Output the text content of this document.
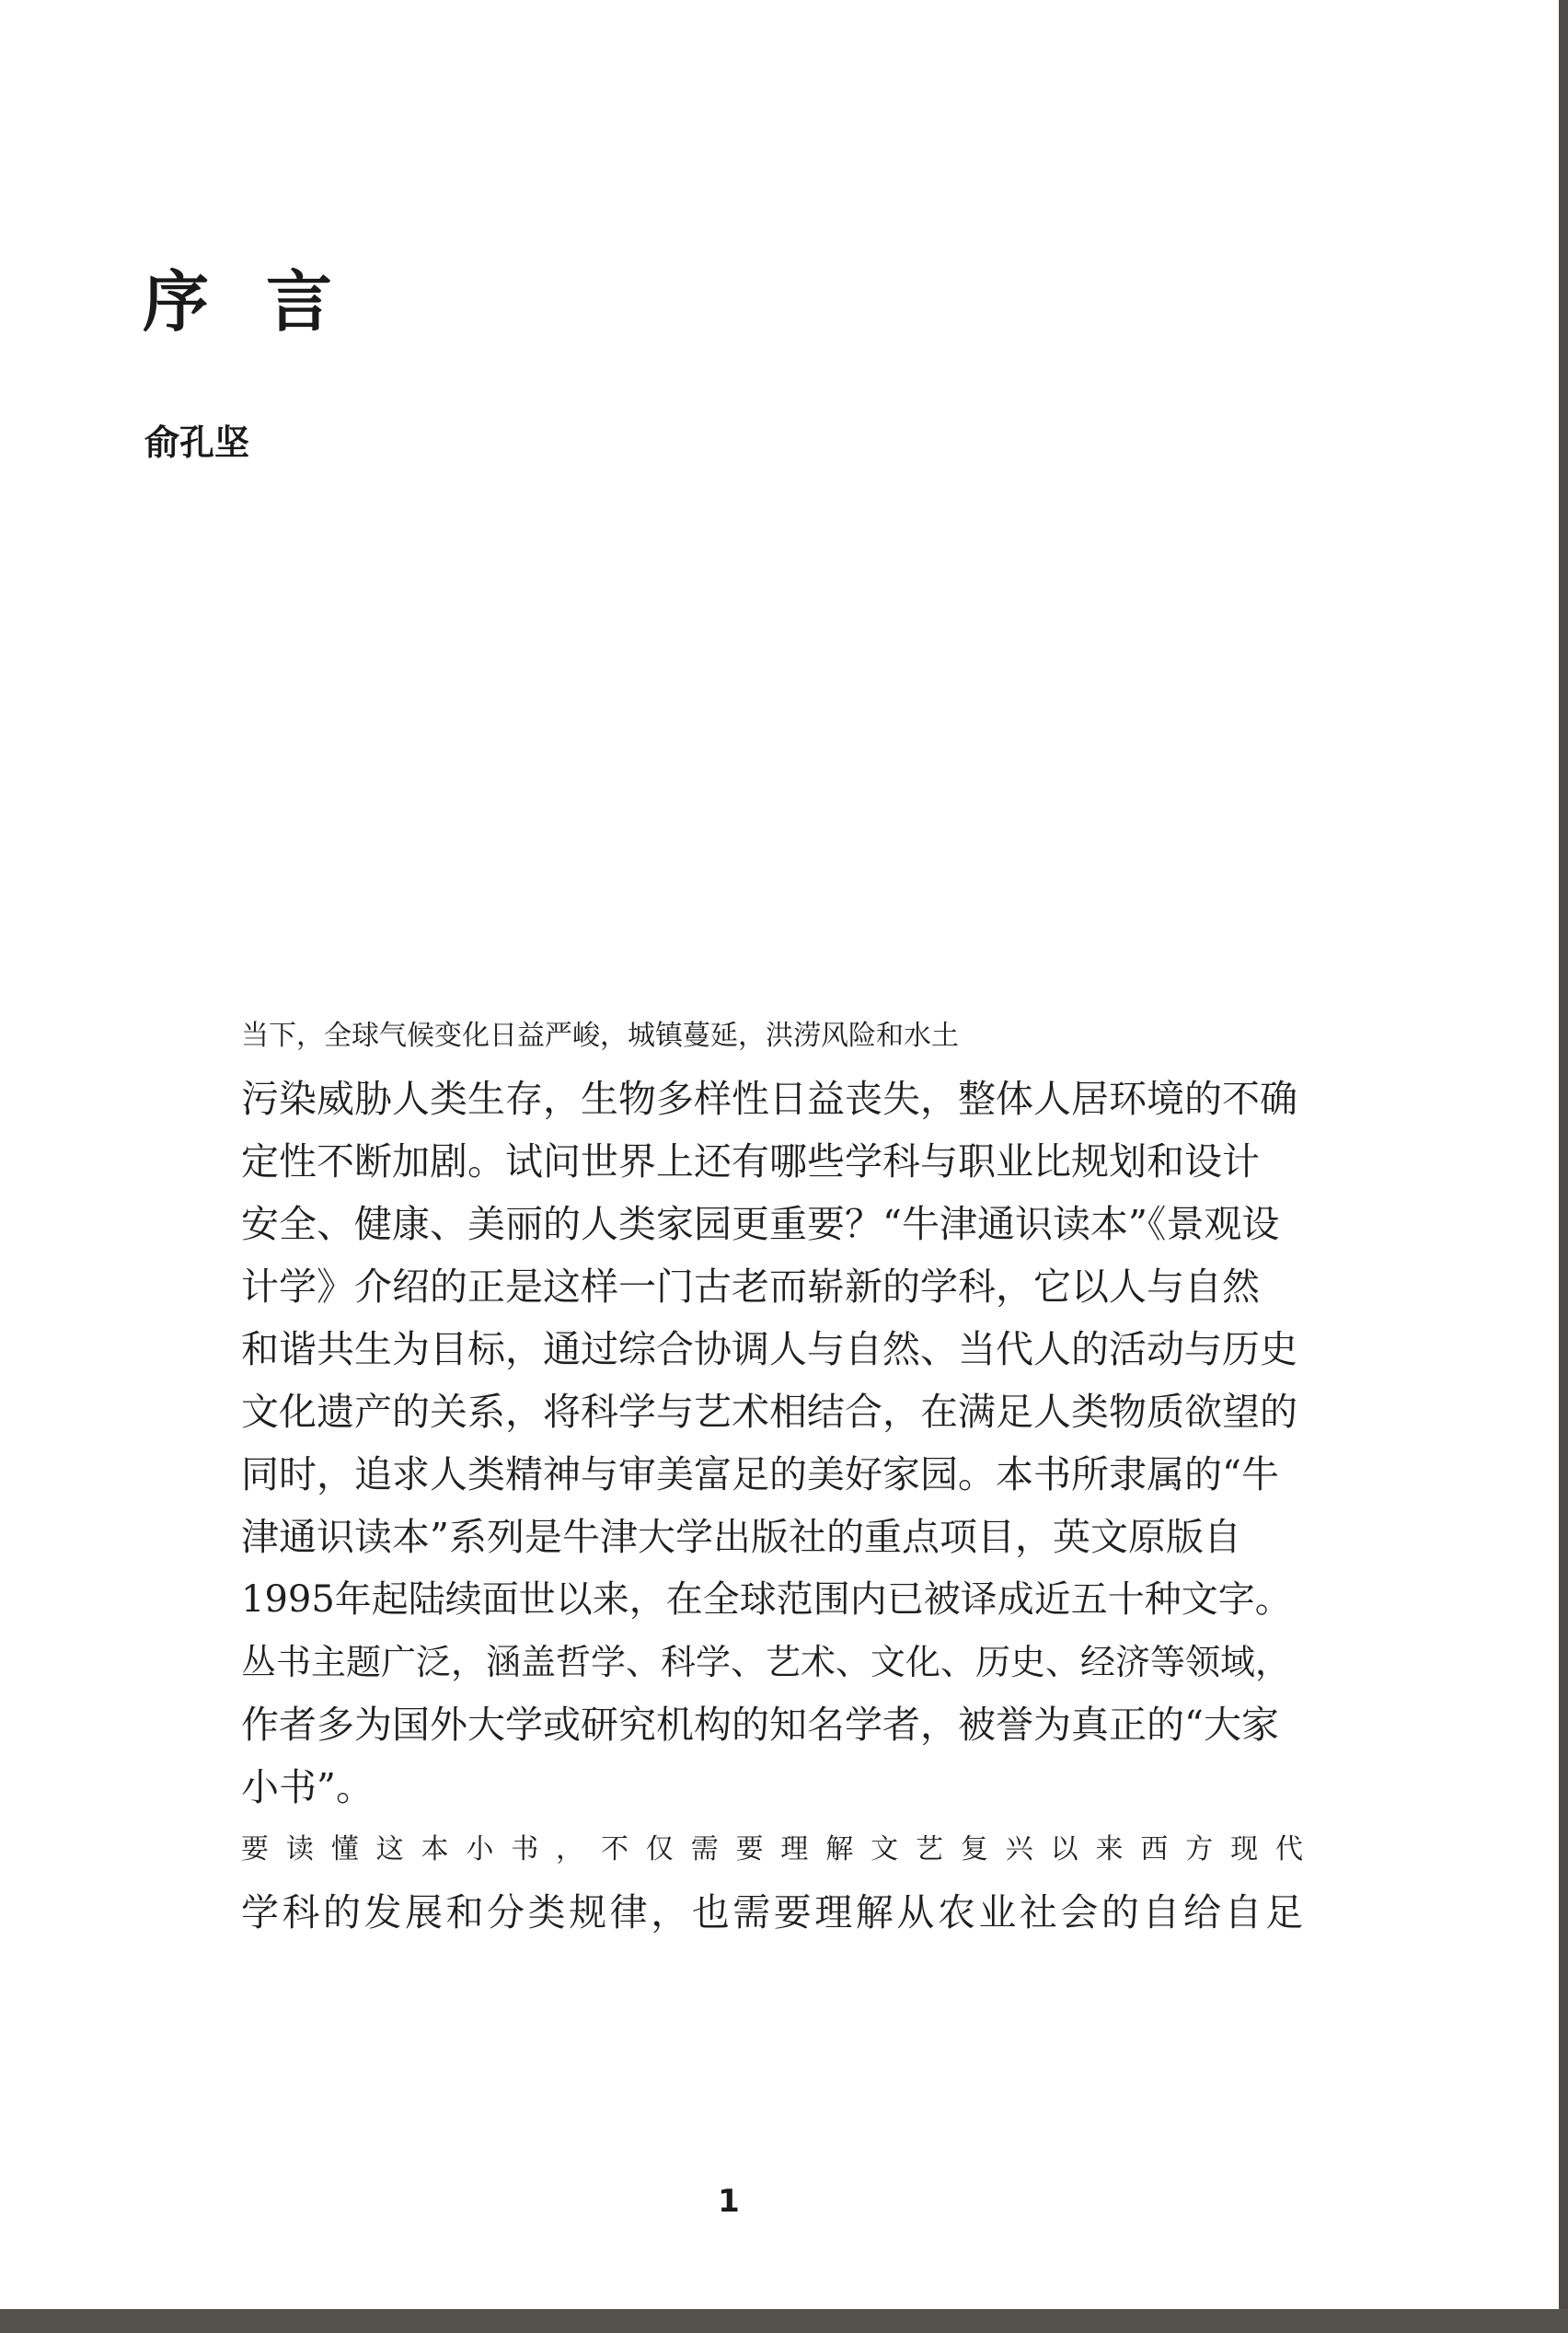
序言
俞孔坚

当下，全球气候变化日益严峻，城镇蔓延，洪涝风险和水土
污染威胁人类生存，生物多样性日益丧失，整体人居环境的不确
定性不断加剧。试问世界上还有哪些学科与职业比规划和设计
安全、健康、美丽的人类家园更重要？“牛津通识读本”《景观设
计学》介绍的正是这样一门古老而崭新的学科，它以人与自然
和谐共生为目标，通过综合协调人与自然、当代人的活动与历史
文化遗产的关系，将科学与艺术相结合，在满足人类物质欲望的
同时，追求人类精神与审美富足的美好家园。本书所隶属的“牛
津通识读本”系列是牛津大学出版社的重点项目，英文原版自
1995年起陆续面世以来，在全球范围内已被译成近五十种文字。
丛书主题广泛，涵盖哲学、科学、艺术、文化、历史、经济等领域，
作者多为国外大学或研究机构的知名学者，被誉为真正的“大家
小书”。

要读懂这本小书，不仅需要理解文艺复兴以来西方现代
学科的发展和分类规律，也需要理解从农业社会的自给自足

1
